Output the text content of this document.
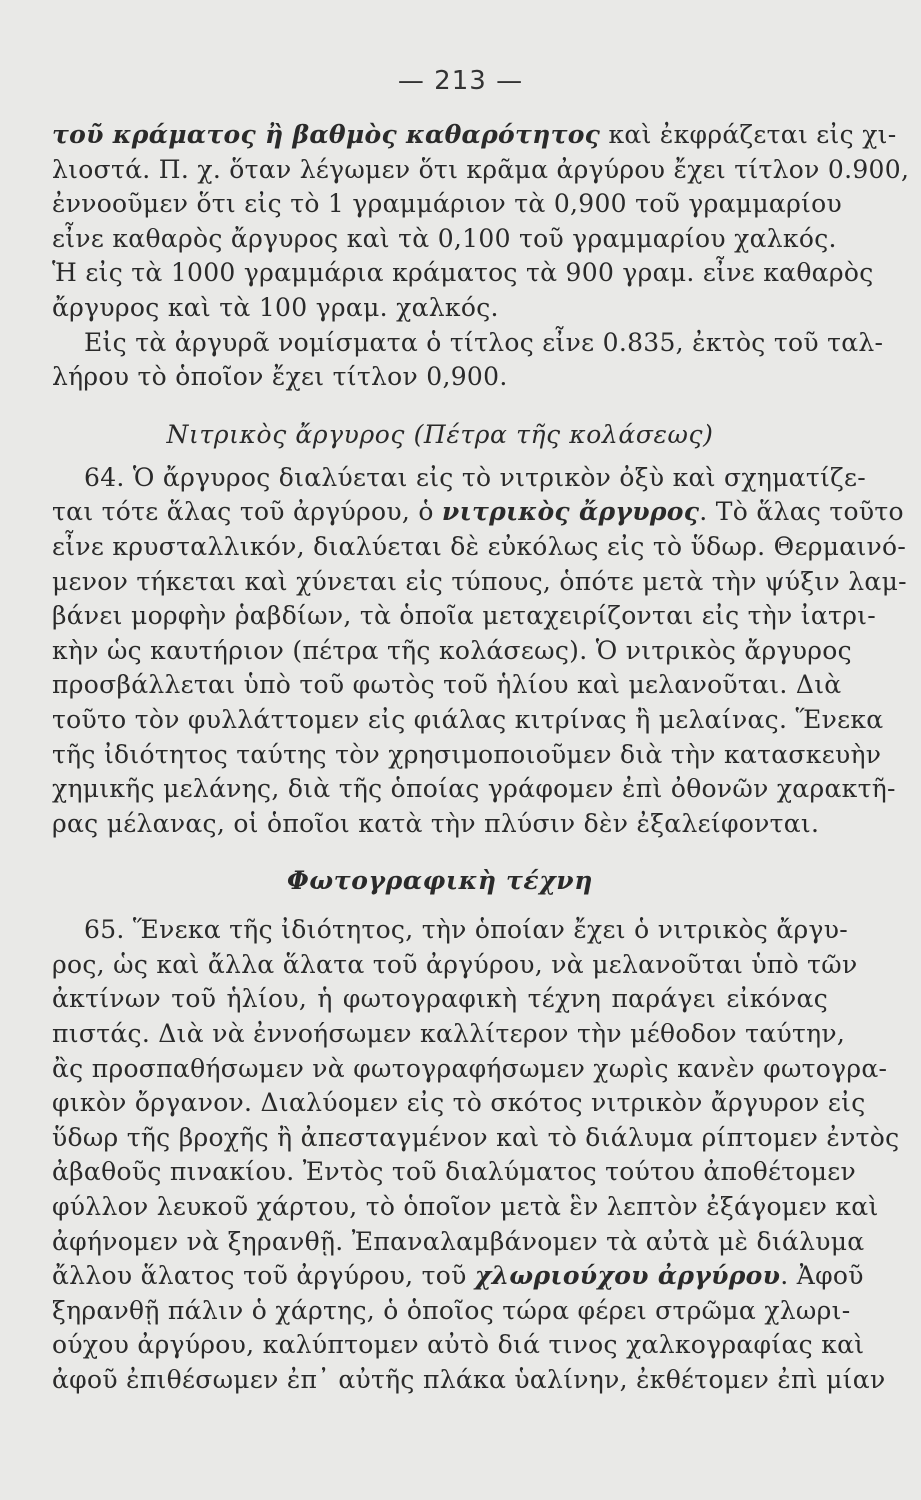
— 213 —
τοῦ κράματος ἢ βαθμὸς καθαρότητος καὶ ἐκφράζεται εἰς χι-
λιοστά. Π. χ. ὅταν λέγωμεν ὅτι κρᾶμα ἀργύρου ἔχει τίτλον 0.900,
ἐννοοῦμεν ὅτι εἰς τὸ 1 γραμμάριον τὰ 0,900 τοῦ γραμμαρίου
εἶνε καθαρὸς ἄργυρος καὶ τὰ 0,100 τοῦ γραμμαρίου χαλκός.
Ἡ εἰς τὰ 1000 γραμμάρια κράματος τὰ 900 γραμ. εἶνε καθαρὸς
ἄργυρος καὶ τὰ 100 γραμ. χαλκός.
Εἰς τὰ ἀργυρᾶ νομίσματα ὁ τίτλος εἶνε 0.835, ἐκτὸς τοῦ ταλ-
λήρου τὸ ὁποῖον ἔχει τίτλον 0,900.
Νιτρικὸς ἄργυρος (Πέτρα τῆς κολάσεως)
64. Ὁ ἄργυρος διαλύεται εἰς τὸ νιτρικὸν ὀξὺ καὶ σχηματίζε-
ται τότε ἅλας τοῦ ἀργύρου, ὁ νιτρικὸς ἄργυρος. Τὸ ἅλας τοῦτο
εἶνε κρυσταλλικόν, διαλύεται δὲ εὐκόλως εἰς τὸ ὕδωρ. Θερμαινό-
μενον τήκεται καὶ χύνεται εἰς τύπους, ὁπότε μετὰ τὴν ψύξιν λαμ-
βάνει μορφὴν ῥαβδίων, τὰ ὁποῖα μεταχειρίζονται εἰς τὴν ἰατρι-
κὴν ὡς καυτήριον (πέτρα τῆς κολάσεως). Ὁ νιτρικὸς ἄργυρος
προσβάλλεται ὑπὸ τοῦ φωτὸς τοῦ ἡλίου καὶ μελανοῦται. Διὰ
τοῦτο τὸν φυλλάττομεν εἰς φιάλας κιτρίνας ἢ μελαίνας. Ἕνεκα
τῆς ἰδιότητος ταύτης τὸν χρησιμοποιοῦμεν διὰ τὴν κατασκευὴν
χημικῆς μελάνης, διὰ τῆς ὁποίας γράφομεν ἐπὶ ὀθονῶν χαρακτῆ-
ρας μέλανας, οἱ ὁποῖοι κατὰ τὴν πλύσιν δὲν ἐξαλείφονται.
Φωτογραφικὴ τέχνη
65. Ἕνεκα τῆς ἰδιότητος, τὴν ὁποίαν ἔχει ὁ νιτρικὸς ἄργυ-
ρος, ὡς καὶ ἄλλα ἅλατα τοῦ ἀργύρου, νὰ μελανοῦται ὑπὸ τῶν
ἀκτίνων τοῦ ἡλίου, ἡ φωτογραφικὴ τέχνη παράγει εἰκόνας
πιστάς. Διὰ νὰ ἐννοήσωμεν καλλίτερον τὴν μέθοδον ταύτην,
ἂς προσπαθήσωμεν νὰ φωτογραφήσωμεν χωρὶς κανὲν φωτογρα-
φικὸν ὄργανον. Διαλύομεν εἰς τὸ σκότος νιτρικὸν ἄργυρον εἰς
ὕδωρ τῆς βροχῆς ἢ ἀπεσταγμένον καὶ τὸ διάλυμα ρίπτομεν ἐντὸς
ἀβαθοῦς πινακίου. Ἐντὸς τοῦ διαλύματος τούτου ἀποθέτομεν
φύλλον λευκοῦ χάρτου, τὸ ὁποῖον μετὰ ἓν λεπτὸν ἐξάγομεν καὶ
ἀφήνομεν νὰ ξηρανθῇ. Ἐπαναλαμβάνομεν τὰ αὐτὰ μὲ διάλυμα
ἄλλου ἅλατος τοῦ ἀργύρου, τοῦ χλωριούχου ἀργύρου. Ἀφοῦ
ξηρανθῇ πάλιν ὁ χάρτης, ὁ ὁποῖος τώρα φέρει στρῶμα χλωρι-
ούχου ἀργύρου, καλύπτομεν αὐτὸ διά τινος χαλκογραφίας καὶ
ἀφοῦ ἐπιθέσωμεν ἐπ᾽ αὐτῆς πλάκα ὑαλίνην, ἐκθέτομεν ἐπὶ μίαν
